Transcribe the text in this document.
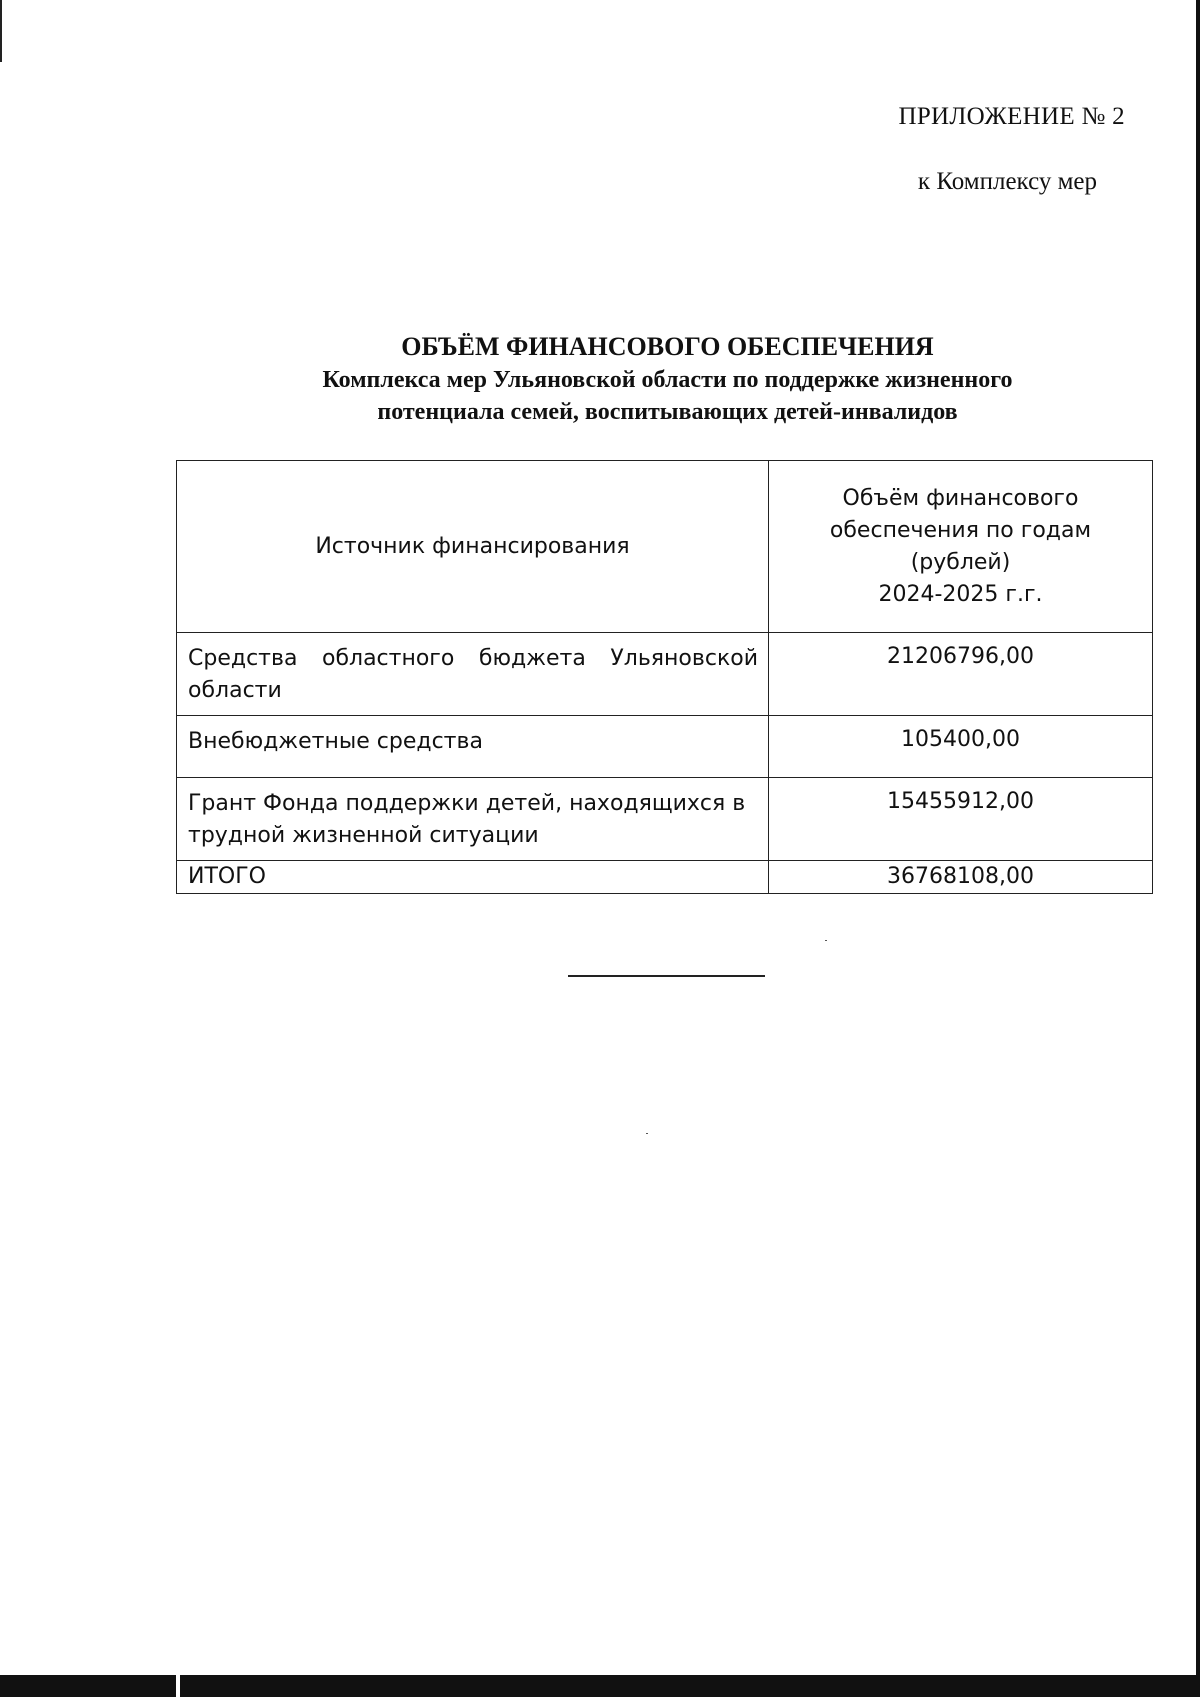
ПРИЛОЖЕНИЕ № 2
к Комплексу мер
ОБЪЁМ ФИНАНСОВОГО ОБЕСПЕЧЕНИЯ
Комплекса мер Ульяновской области по поддержке жизненного
потенциала семей, воспитывающих детей-инвалидов
Источник финансирования	Объём финансового
обеспечения по годам
(рублей)
2024-2025 г.г.

Средства областного бюджета Ульяновской области	21206796,00
Внебюджетные средства	105400,00
Грант Фонда поддержки детей, находящихся в трудной жизненной ситуации	15455912,00
ИТОГО	36768108,00
